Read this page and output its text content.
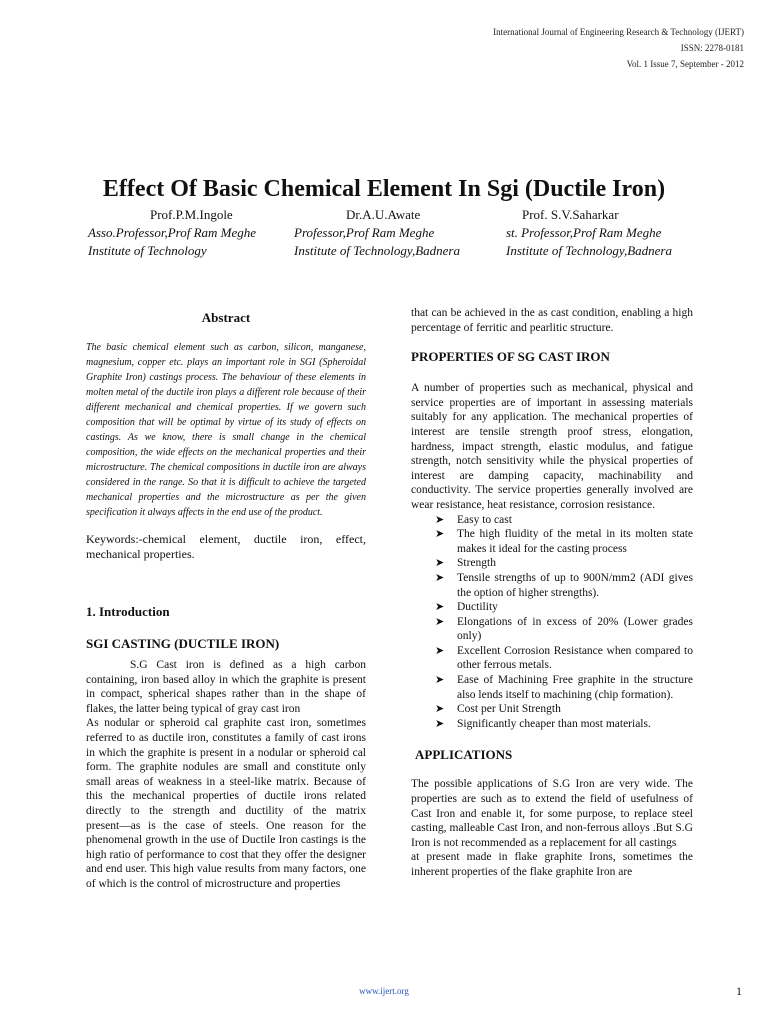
International Journal of Engineering Research & Technology (IJERT)
ISSN: 2278-0181
Vol. 1 Issue 7, September - 2012
Effect Of Basic Chemical Element In Sgi (Ductile Iron)
Prof.P.M.Ingole
Asso.Professor,Prof Ram Meghe
Institute of Technology
Dr.A.U.Awate
Professor,Prof Ram Meghe
Institute of Technology,Badnera
Prof. S.V.Saharkar
st. Professor,Prof Ram Meghe
Institute of Technology,Badnera
Abstract

The basic chemical element such as carbon, silicon, manganese, magnesium, copper etc. plays an important role in SGI (Spheroidal Graphite Iron) castings process. The behaviour of these elements in molten metal of the ductile iron plays a different role because of their different mechanical and chemical properties. If we govern such composition that will be optimal by virtue of its study of effects on castings. As we know, there is small change in the chemical composition, the wide effects on the mechanical properties and their microstructure. The chemical compositions in ductile iron are always considered in the range. So that it is difficult to achieve the targeted mechanical properties and the microstructure as per the given specification it always affects in the end use of the product.

Keywords:-chemical element, ductile iron, effect, mechanical properties.

1. Introduction
SGI CASTING (DUCTILE IRON)

S.G Cast iron is defined as a high carbon containing, iron based alloy in which the graphite is present in compact, spherical shapes rather than in the shape of flakes, the latter being typical of gray cast iron

As nodular or spheroid cal graphite cast iron, sometimes referred to as ductile iron, constitutes a family of cast irons in which the graphite is present in a nodular or spheroid cal form. The graphite nodules are small and constitute only small areas of weakness in a steel-like matrix. Because of this the mechanical properties of ductile irons related directly to the strength and ductility of the matrix present―as is the case of steels. One reason for the phenomenal growth in the use of Ductile Iron castings is the high ratio of performance to cost that they offer the designer and end user. This high value results from many factors, one of which is the control of microstructure and properties

that can be achieved in the as cast condition, enabling a high percentage of ferritic and pearlitic structure.

PROPERTIES OF SG CAST IRON

A number of properties such as mechanical, physical and service properties are of important in assessing materials suitably for any application. The mechanical properties of interest are tensile strength proof stress, elongation, hardness, impact strength, elastic modulus, and fatigue strength, notch sensitivity while the physical properties of interest are damping capacity, machinability and conductivity. The service properties generally involved are wear resistance, heat resistance, corrosion resistance.

➤ Easy to cast
➤ The high fluidity of the metal in its molten state makes it ideal for the casting process
➤ Strength
➤ Tensile strengths of up to 900N/mm2 (ADI gives the option of higher strengths).
➤ Ductility
➤ Elongations of in excess of 20% (Lower grades only)
➤ Excellent Corrosion Resistance when compared to other ferrous metals.
➤ Ease of Machining Free graphite in the structure also lends itself to machining (chip formation).
➤ Cost per Unit Strength
➤ Significantly cheaper than most materials.
APPLICATIONS

The possible applications of S.G Iron are very wide. The properties are such as to extend the field of usefulness of Cast Iron and enable it, for some purpose, to replace steel casting, malleable Cast Iron, and non-ferrous alloys .But S.G Iron is not recommended as a replacement for all castings

at present made in flake graphite Irons, sometimes the inherent properties of the flake graphite Iron are

www.ijert.org	1
